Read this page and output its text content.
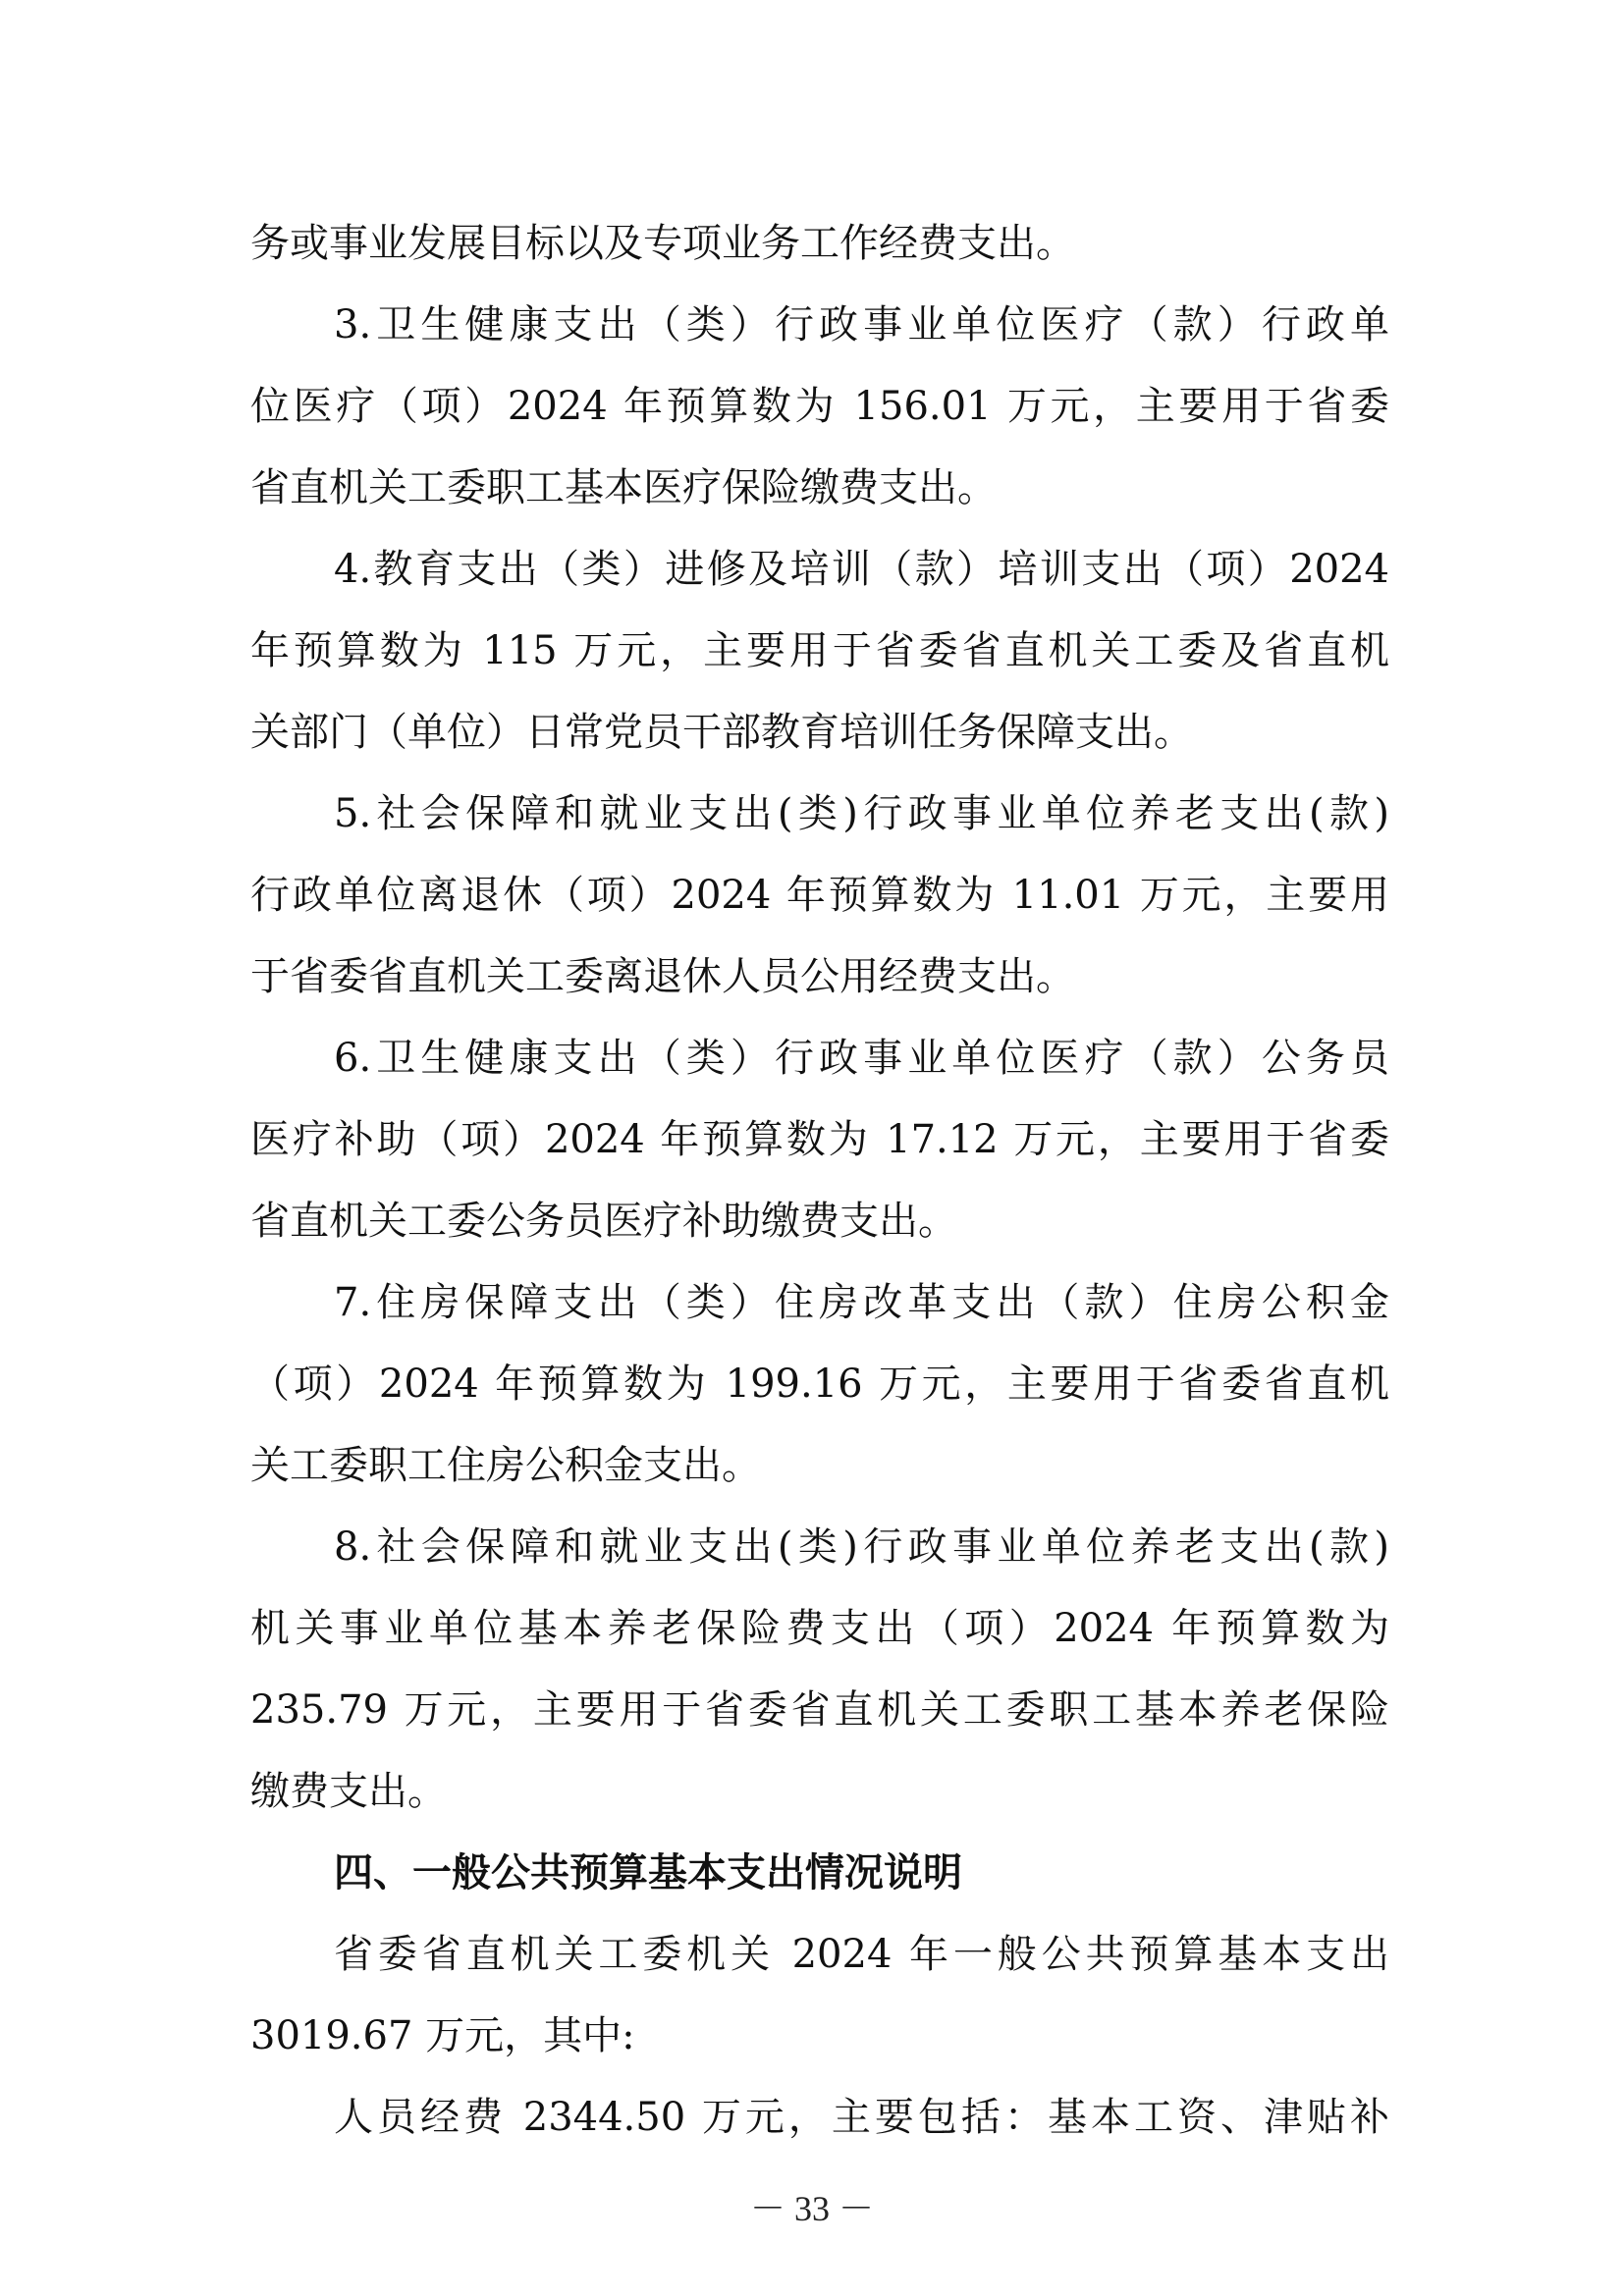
务或事业发展目标以及专项业务工作经费支出。
3.卫生健康支出（类）行政事业单位医疗（款）行政单
位医疗（项）2024 年预算数为 156.01 万元，主要用于省委
省直机关工委职工基本医疗保险缴费支出。
4.教育支出（类）进修及培训（款）培训支出（项）2024
年预算数为 115 万元，主要用于省委省直机关工委及省直机
关部门（单位）日常党员干部教育培训任务保障支出。
5.社会保障和就业支出(类)行政事业单位养老支出(款)
行政单位离退休（项）2024 年预算数为 11.01 万元，主要用
于省委省直机关工委离退休人员公用经费支出。
6.卫生健康支出（类）行政事业单位医疗（款）公务员
医疗补助（项）2024 年预算数为 17.12 万元，主要用于省委
省直机关工委公务员医疗补助缴费支出。
7.住房保障支出（类）住房改革支出（款）住房公积金
（项）2024 年预算数为 199.16 万元，主要用于省委省直机
关工委职工住房公积金支出。
8.社会保障和就业支出(类)行政事业单位养老支出(款)
机关事业单位基本养老保险费支出（项）2024 年预算数为
235.79 万元，主要用于省委省直机关工委职工基本养老保险
缴费支出。
四、一般公共预算基本支出情况说明
省委省直机关工委机关 2024 年一般公共预算基本支出
3019.67 万元，其中:
人员经费 2344.50 万元，主要包括：基本工资、津贴补
－ 33 －
